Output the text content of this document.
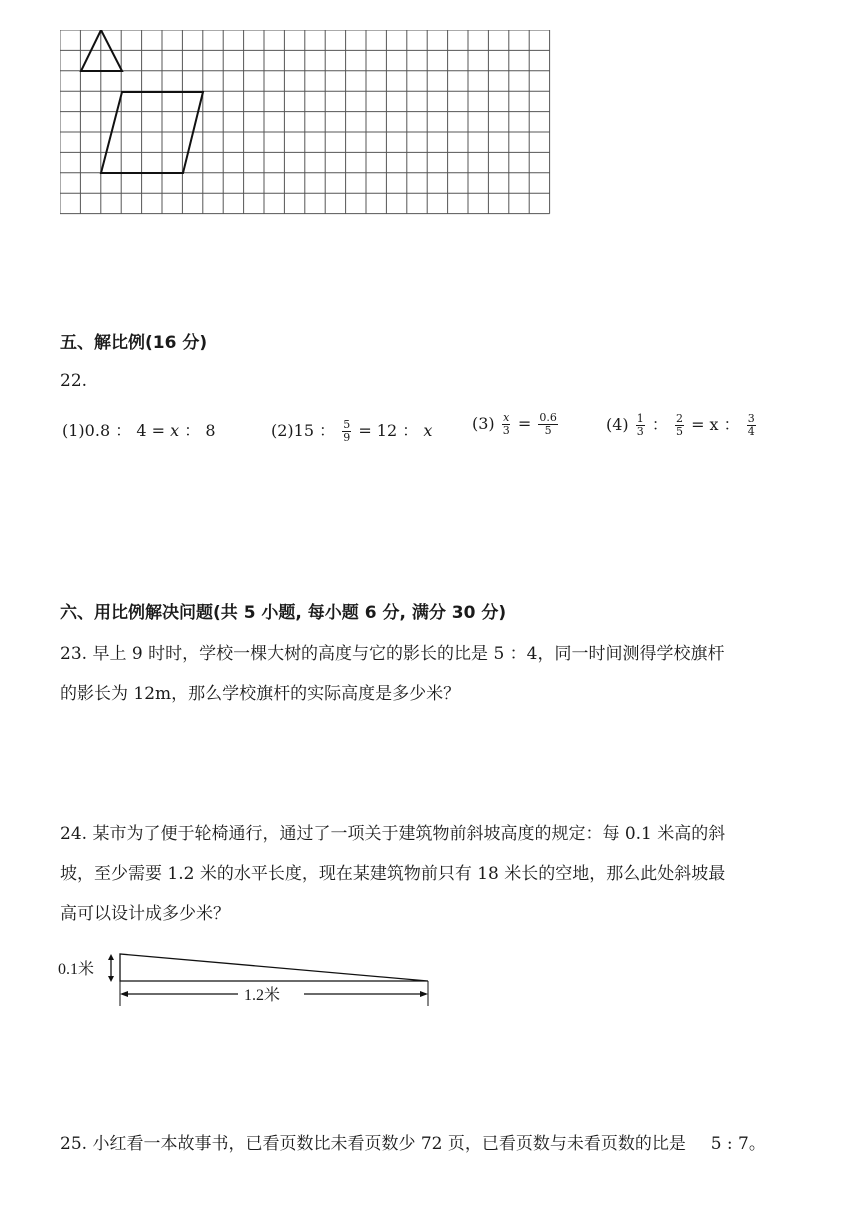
五、解比例(16 分)
22.
(1)0.8 ： 4 = x ： 8	(2)15 ： $\frac{5}{9} = 12$ ： x $(3) \frac{x}{3} = \frac{0.6}{5}$	$(4) \frac{1}{3}$ ： $\frac{2}{5} = x$ ： $\frac{3}{4}$
六、用比例解决问题(共 5 小题, 每小题 6 分, 满分 30 分)
23. 早上 9 时时，学校一棵大树的高度与它的影长的比是 5 ：4，同一时间测得学校旗杆
的影长为 12m，那么学校旗杆的实际高度是多少米？
24. 某市为了便于轮椅通行，通过了一项关于建筑物前斜坡高度的规定：每 0.1 米高的斜
坡，至少需要 1.2 米的水平长度，现在某建筑物前只有 18 米长的空地，那么此处斜坡最
高可以设计成多少米？
0.1米
1.2米
25. 小红看一本故事书，已看页数比未看页数少 72 页，已看页数与未看页数的比是 5 : 7。
